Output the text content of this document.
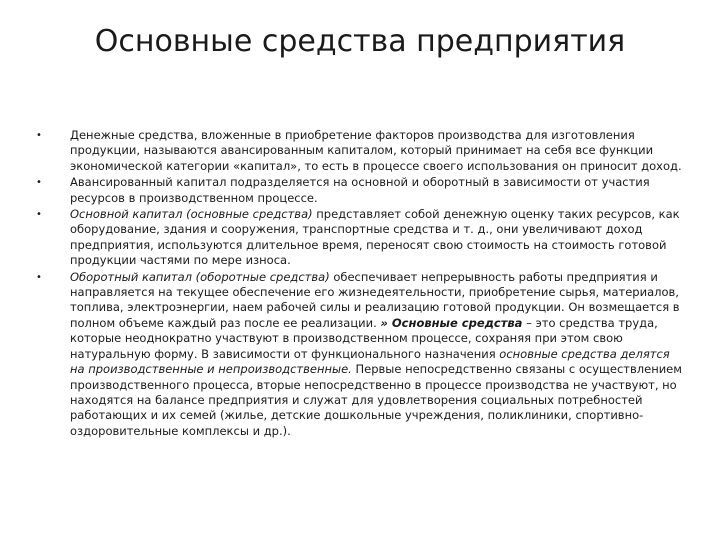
Основные средства предприятия
• Денежные средства, вложенные в приобретение факторов производства для изготовления продукции, называются авансированным капиталом, который принимает на себя все функции экономической категории «капитал», то есть в процессе своего использования он приносит доход.
• Авансированный капитал подразделяется на основной и оборотный в зависимости от участия ресурсов в производственном процессе.
• Основной капитал (основные средства) представляет собой денежную оценку таких ресурсов, как оборудование, здания и сооружения, транспортные средства и т. д., они увеличивают доход предприятия, используются длительное время, переносят свою стоимость на стоимость готовой продукции частями по мере износа.
• Оборотный капитал (оборотные средства) обеспечивает непрерывность работы предприятия и направляется на текущее обеспечение его жизнедеятельности, приобретение сырья, материалов, топлива, электроэнергии, наем рабочей силы и реализацию готовой продукции. Он возмещается в полном объеме каждый раз после ее реализации. » Основные средства – это средства труда, которые неоднократно участвуют в производственном процессе, сохраняя при этом свою натуральную форму. В зависимости от функционального назначения основные средства делятся на производственные и непроизводственные. Первые непосредственно связаны с осуществлением производственного процесса, вторые непосредственно в процессе производства не участвуют, но находятся на балансе предприятия и служат для удовлетворения социальных потребностей работающих и их семей (жилье, детские дошкольные учреждения, поликлиники, спортивно-оздоровительные комплексы и др.).
